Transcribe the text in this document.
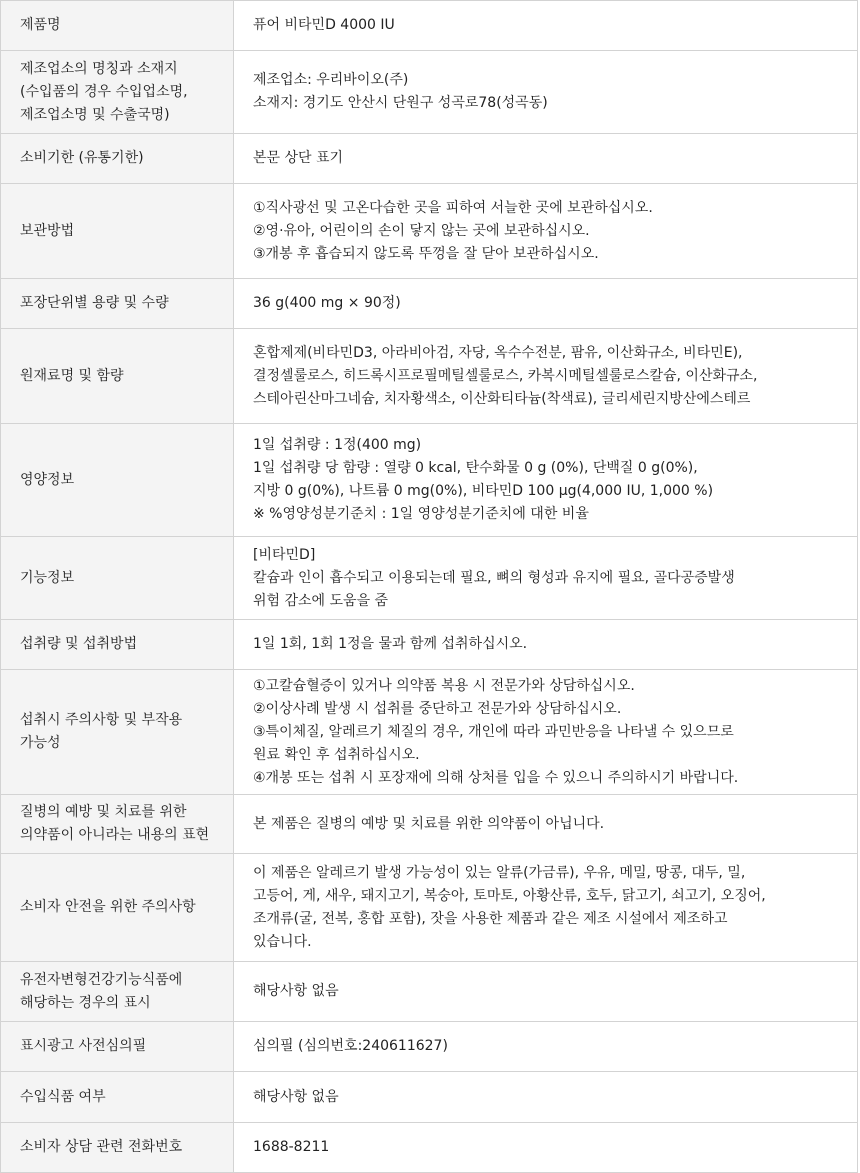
제품명	퓨어 비타민D 4000 IU

제조업소의 명칭과 소재지
(수입품의 경우 수입업소명,
제조업소명 및 수출국명)	제조업소: 우리바이오(주)
소재지: 경기도 안산시 단원구 성곡로78(성곡동)

소비기한 (유통기한)	본문 상단 표기

보관방법	①직사광선 및 고온다습한 곳을 피하여 서늘한 곳에 보관하십시오.
②영·유아, 어린이의 손이 닿지 않는 곳에 보관하십시오.
③개봉 후 흡습되지 않도록 뚜껑을 잘 닫아 보관하십시오.

포장단위별 용량 및 수량	36 g(400 mg × 90정)

원재료명 및 함량	혼합제제(비타민D3, 아라비아검, 자당, 옥수수전분, 팜유, 이산화규소, 비타민E),
결정셀룰로스, 히드록시프로필메틸셀룰로스, 카복시메틸셀룰로스칼슘, 이산화규소,
스테아린산마그네슘, 치자황색소, 이산화티타늄(착색료), 글리세린지방산에스테르

영양정보	1일 섭취량 : 1정(400 mg)
1일 섭취량 당 함량 : 열량 0 kcal, 탄수화물 0 g (0%), 단백질 0 g(0%),
지방 0 g(0%), 나트륨 0 mg(0%), 비타민D 100 μg(4,000 IU, 1,000 %)
※ %영양성분기준치 : 1일 영양성분기준치에 대한 비율

기능정보	[비타민D]
칼슘과 인이 흡수되고 이용되는데 필요, 뼈의 형성과 유지에 필요, 골다공증발생
위험 감소에 도움을 줌

섭취량 및 섭취방법	1일 1회, 1회 1정을 물과 함께 섭취하십시오.

섭취시 주의사항 및 부작용
가능성	①고칼슘혈증이 있거나 의약품 복용 시 전문가와 상담하십시오.
②이상사례 발생 시 섭취를 중단하고 전문가와 상담하십시오.
③특이체질, 알레르기 체질의 경우, 개인에 따라 과민반응을 나타낼 수 있으므로
원료 확인 후 섭취하십시오.
④개봉 또는 섭취 시 포장재에 의해 상처를 입을 수 있으니 주의하시기 바랍니다.

질병의 예방 및 치료를 위한
의약품이 아니라는 내용의 표현	본 제품은 질병의 예방 및 치료를 위한 의약품이 아닙니다.

소비자 안전을 위한 주의사항	이 제품은 알레르기 발생 가능성이 있는 알류(가금류), 우유, 메밀, 땅콩, 대두, 밀,
고등어, 게, 새우, 돼지고기, 복숭아, 토마토, 아황산류, 호두, 닭고기, 쇠고기, 오징어,
조개류(굴, 전복, 홍합 포함), 잣을 사용한 제품과 같은 제조 시설에서 제조하고
있습니다.

유전자변형건강기능식품에
해당하는 경우의 표시	해당사항 없음

표시광고 사전심의필	심의필 (심의번호:240611627)

수입식품 여부	해당사항 없음

소비자 상담 관련 전화번호	1688-8211
